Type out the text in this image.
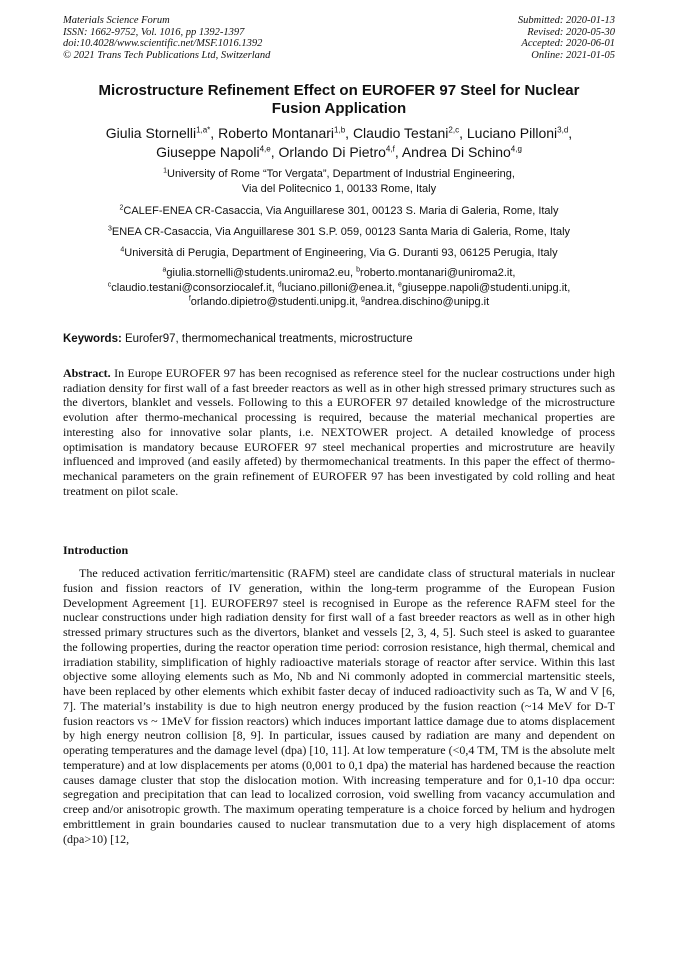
Materials Science Forum
ISSN: 1662-9752, Vol. 1016, pp 1392-1397
doi:10.4028/www.scientific.net/MSF.1016.1392
© 2021 Trans Tech Publications Ltd, Switzerland
Submitted: 2020-01-13
Revised: 2020-05-30
Accepted: 2020-06-01
Online: 2021-01-05
Microstructure Refinement Effect on EUROFER 97 Steel for Nuclear
Fusion Application
Giulia Stornelli$^{1,a*}$, Roberto Montanari$^{1,b}$, Claudio Testani$^{2,c}$, Luciano Pilloni$^{3,d}$,
Giuseppe Napoli$^{4,e}$, Orlando Di Pietro$^{4,f}$, Andrea Di Schino$^{4,g}$
$^1$University of Rome “Tor Vergata”, Department of Industrial Engineering,
Via del Politecnico 1, 00133 Rome, Italy
$^2$CALEF-ENEA CR-Casaccia, Via Anguillarese 301, 00123 S. Maria di Galeria, Rome, Italy
$^3$ENEA CR-Casaccia, Via Anguillarese 301 S.P. 059, 00123 Santa Maria di Galeria, Rome, Italy
$^4$Università di Perugia, Department of Engineering, Via G. Duranti 93, 06125 Perugia, Italy
$^a$giulia.stornelli@students.uniroma2.eu, $^b$roberto.montanari@uniroma2.it,
$^c$claudio.testani@consorziocalef.it, $^d$luciano.pilloni@enea.it, $^e$giuseppe.napoli@studenti.unipg.it,
$^f$orlando.dipietro@studenti.unipg.it, $^g$andrea.dischino@unipg.it
Keywords: Eurofer97, thermomechanical treatments, microstructure
Abstract. In Europe EUROFER 97 has been recognised as reference steel for the nuclear costructions under high radiation density for first wall of a fast breeder reactors as well as in other high stressed primary structures such as the divertors, blanklet and vessels. Following to this a EUROFER 97 detailed knowledge of the microstructure evolution after thermo-mechanical processing is required, because the material mechanical properties are interesting also for innovative solar plants, i.e. NEXTOWER project. A detailed knowledge of process optimisation is mandatory because EUROFER 97 steel mechanical properties and microstruture are heavily influenced and improved (and easily affeted) by thermomechanical treatments. In this paper the effect of thermo-mechanical parameters on the grain refinement of EUROFER 97 has been investigated by cold rolling and heat treatment on pilot scale.
Introduction
The reduced activation ferritic/martensitic (RAFM) steel are candidate class of structural materials in nuclear fusion and fission reactors of IV generation, within the long-term programme of the European Fusion Development Agreement [1]. EUROFER97 steel is recognised in Europe as the reference RAFM steel for the nuclear constructions under high radiation density for first wall of a fast breeder reactors as well as in other high stressed primary structures such as the divertors, blanket and vessels [2, 3, 4, 5]. Such steel is asked to guarantee the following properties, during the reactor operation time period: corrosion resistance, high thermal, chemical and irradiation stability, simplification of highly radioactive materials storage of reactor after service. Within this last objective some alloying elements such as Mo, Nb and Ni commonly adopted in commercial martensitic steels, have been replaced by other elements which exhibit faster decay of induced radioactivity such as Ta, W and V [6, 7]. The material’s instability is due to high neutron energy produced by the fusion reaction (~14 MeV for D-T fusion reactors vs ~ 1MeV for fission reactors) which induces important lattice damage due to atoms displacement by high energy neutron collision [8, 9]. In particular, issues caused by radiation are many and dependent on operating temperatures and the damage level (dpa) [10, 11]. At low temperature (<0,4 TM, TM is the absolute melt temperature) and at low displacements per atoms (0,001 to 0,1 dpa) the material has hardened because the reaction causes damage cluster that stop the dislocation motion. With increasing temperature and for 0,1-10 dpa occur: segregation and precipitation that can lead to localized corrosion, void swelling from vacancy accumulation and creep and/or anisotropic growth. The maximum operating temperature is a choice forced by helium and hydrogen embrittlement in grain boundaries caused to nuclear transmutation due to a very high displacement of atoms (dpa>10) [12,
